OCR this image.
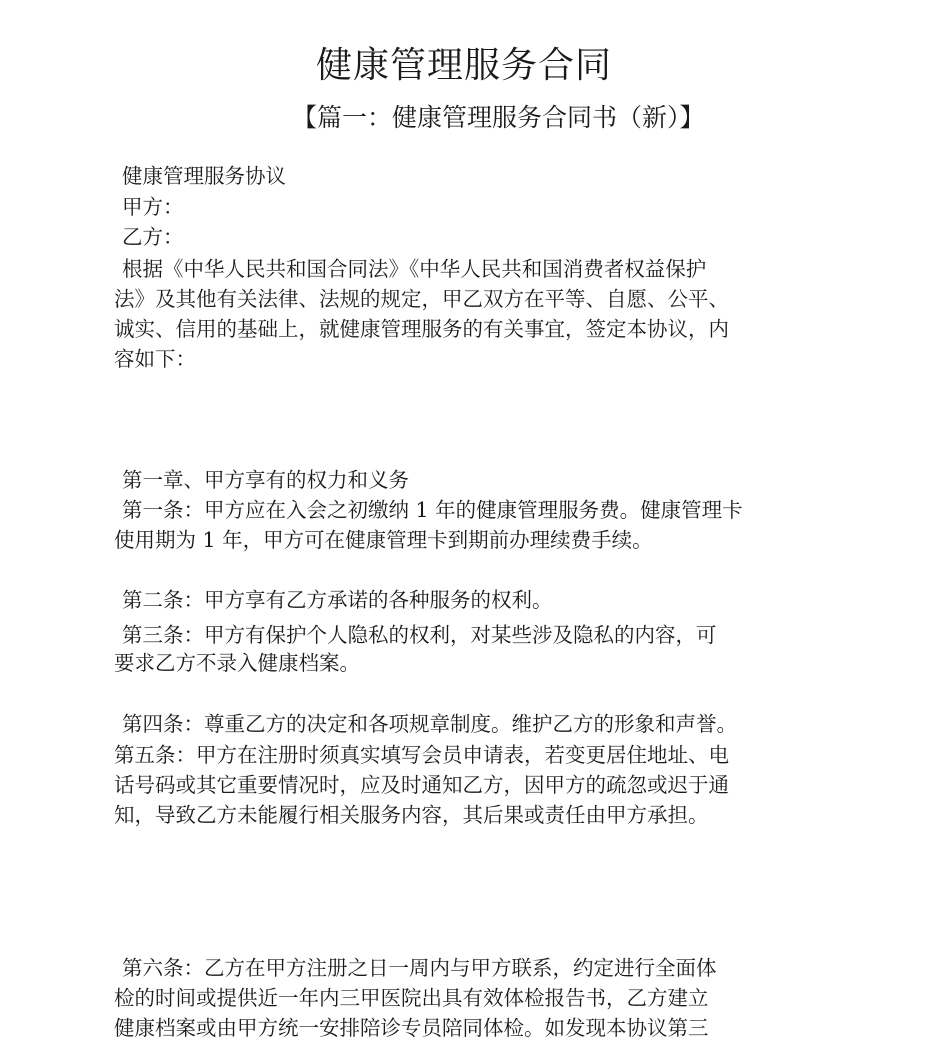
健康管理服务合同
【篇一：健康管理服务合同书（新）】
健康管理服务协议
甲方：
乙方：
根据《中华人民共和国合同法》《中华人民共和国消费者权益保护
法》及其他有关法律、法规的规定，甲乙双方在平等、自愿、公平、
诚实、信用的基础上，就健康管理服务的有关事宜，签定本协议，内
容如下：
第一章、甲方享有的权力和义务
第一条：甲方应在入会之初缴纳 1 年的健康管理服务费。健康管理卡
使用期为 1 年，甲方可在健康管理卡到期前办理续费手续。
第二条：甲方享有乙方承诺的各种服务的权利。
第三条：甲方有保护个人隐私的权利，对某些涉及隐私的内容，可
要求乙方不录入健康档案。
第四条：尊重乙方的决定和各项规章制度。维护乙方的形象和声誉。
第五条：甲方在注册时须真实填写会员申请表，若变更居住地址、电
话号码或其它重要情况时，应及时通知乙方，因甲方的疏忽或迟于通
知，导致乙方未能履行相关服务内容，其后果或责任由甲方承担。
第六条：乙方在甲方注册之日一周内与甲方联系，约定进行全面体
检的时间或提供近一年内三甲医院出具有效体检报告书，乙方建立
健康档案或由甲方统一安排陪诊专员陪同体检。如发现本协议第三
